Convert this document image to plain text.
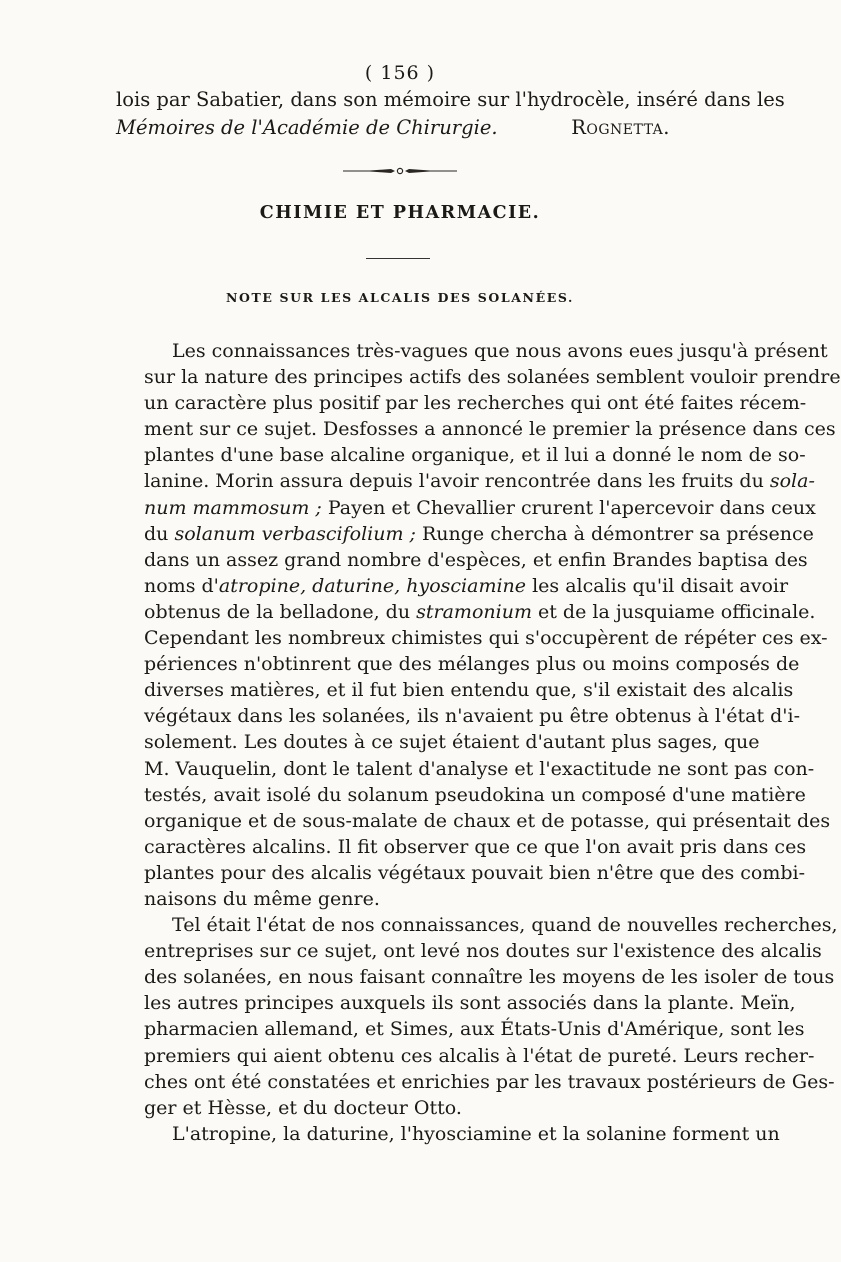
( 156 )
lois par Sabatier, dans son mémoire sur l'hydrocèle, inséré dans les
Mémoires de l'Académie de Chirurgie.	Rognetta.
CHIMIE ET PHARMACIE.
NOTE SUR LES ALCALIS DES SOLANÉES.
Les connaissances très-vagues que nous avons eues jusqu'à présent
sur la nature des principes actifs des solanées semblent vouloir prendre
un caractère plus positif par les recherches qui ont été faites récem-
ment sur ce sujet. Desfosses a annoncé le premier la présence dans ces
plantes d'une base alcaline organique, et il lui a donné le nom de so-
lanine. Morin assura depuis l'avoir rencontrée dans les fruits du sola-
num mammosum ; Payen et Chevallier crurent l'apercevoir dans ceux
du solanum verbascifolium ; Runge chercha à démontrer sa présence
dans un assez grand nombre d'espèces, et enfin Brandes baptisa des
noms d'atropine, daturine, hyosciamine les alcalis qu'il disait avoir
obtenus de la belladone, du stramonium et de la jusquiame officinale.
Cependant les nombreux chimistes qui s'occupèrent de répéter ces ex-
périences n'obtinrent que des mélanges plus ou moins composés de
diverses matières, et il fut bien entendu que, s'il existait des alcalis
végétaux dans les solanées, ils n'avaient pu être obtenus à l'état d'i-
solement. Les doutes à ce sujet étaient d'autant plus sages, que
M. Vauquelin, dont le talent d'analyse et l'exactitude ne sont pas con-
testés, avait isolé du solanum pseudokina un composé d'une matière
organique et de sous-malate de chaux et de potasse, qui présentait des
caractères alcalins. Il fit observer que ce que l'on avait pris dans ces
plantes pour des alcalis végétaux pouvait bien n'être que des combi-
naisons du même genre.
Tel était l'état de nos connaissances, quand de nouvelles recherches,
entreprises sur ce sujet, ont levé nos doutes sur l'existence des alcalis
des solanées, en nous faisant connaître les moyens de les isoler de tous
les autres principes auxquels ils sont associés dans la plante. Meïn,
pharmacien allemand, et Simes, aux États-Unis d'Amérique, sont les
premiers qui aient obtenu ces alcalis à l'état de pureté. Leurs recher-
ches ont été constatées et enrichies par les travaux postérieurs de Ges-
ger et Hèsse, et du docteur Otto.
L'atropine, la daturine, l'hyosciamine et la solanine forment un
